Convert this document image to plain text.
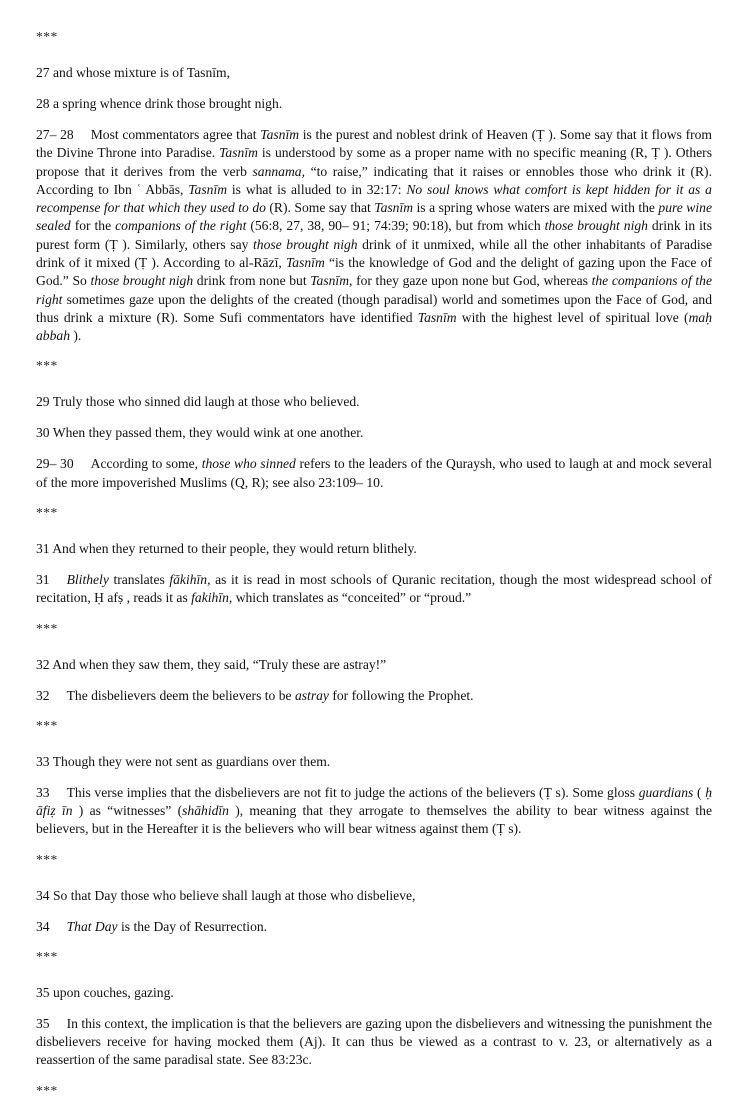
***
27 and whose mixture is of Tasnīm,
28 a spring whence drink those brought nigh.

27– 28 Most commentators agree that Tasnīm is the purest and noblest drink of Heaven (Ṭ ). Some say that it flows from the Divine Throne into Paradise. Tasnīm is understood by some as a proper name with no specific meaning (R, Ṭ ). Others propose that it derives from the verb sannama, “to raise,” indicating that it raises or ennobles those who drink it (R). According to Ibn ʿ Abbās, Tasnīm is what is alluded to in 32:17: No soul knows what comfort is kept hidden for it as a recompense for that which they used to do (R). Some say that Tasnīm is a spring whose waters are mixed with the pure wine sealed for the companions of the right (56:8, 27, 38, 90– 91; 74:39; 90:18), but from which those brought nigh drink in its purest form (Ṭ ). Similarly, others say those brought nigh drink of it unmixed, while all the other inhabitants of Paradise drink of it mixed (Ṭ ). According to al-Rāzī, Tasnīm “is the knowledge of God and the delight of gazing upon the Face of God.” So those brought nigh drink from none but Tasnīm, for they gaze upon none but God, whereas the companions of the right sometimes gaze upon the delights of the created (though paradisal) world and sometimes upon the Face of God, and thus drink a mixture (R). Some Sufi commentators have identified Tasnīm with the highest level of spiritual love (maḥ abbah ).

***
29 Truly those who sinned did laugh at those who believed.
30 When they passed them, they would wink at one another.

29– 30 According to some, those who sinned refers to the leaders of the Quraysh, who used to laugh at and mock several of the more impoverished Muslims (Q, R); see also 23:109– 10.

***
31 And when they returned to their people, they would return blithely.

31 Blithely translates fākihīn, as it is read in most schools of Quranic recitation, though the most widespread school of recitation, Ḥ afṣ , reads it as fakihīn, which translates as “conceited” or “proud.”

***
32 And when they saw them, they said, “Truly these are astray!”

32 The disbelievers deem the believers to be astray for following the Prophet.

***
33 Though they were not sent as guardians over them.

33 This verse implies that the disbelievers are not fit to judge the actions of the believers (Ṭ s). Some gloss guardians ( ḥ āfiẓ īn ) as “witnesses” (shāhidīn ), meaning that they arrogate to themselves the ability to bear witness against the believers, but in the Hereafter it is the believers who will bear witness against them (Ṭ s).

***
34 So that Day those who believe shall laugh at those who disbelieve,

34 That Day is the Day of Resurrection.

***
35 upon couches, gazing.

35 In this context, the implication is that the believers are gazing upon the disbelievers and witnessing the punishment the disbelievers receive for having mocked them (Aj). It can thus be viewed as a contrast to v. 23, or alternatively as a reassertion of the same paradisal state. See 83:23c.

***
